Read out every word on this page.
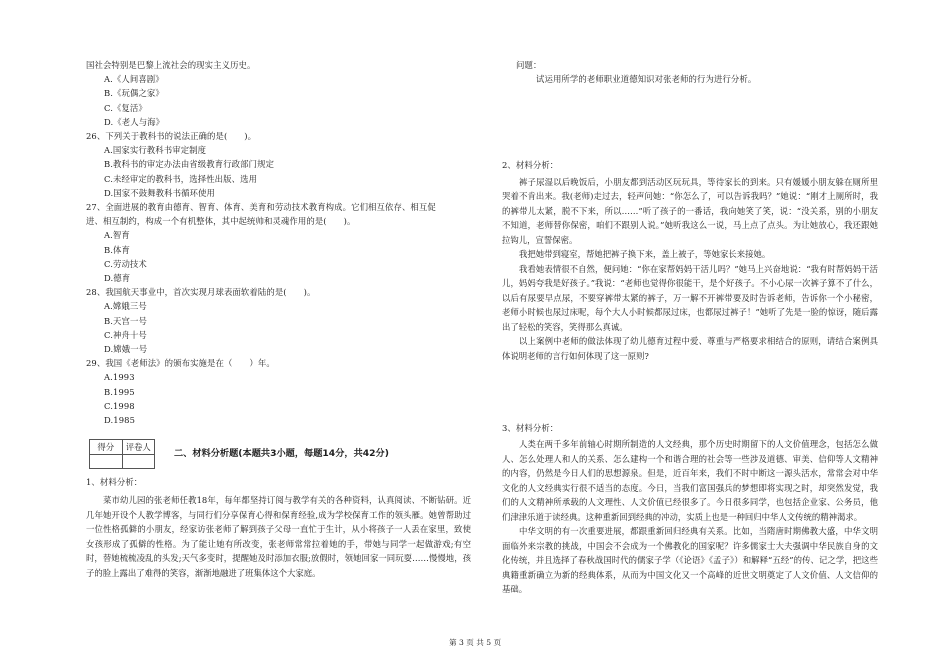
国社会特别是巴黎上流社会的现实主义历史。
A.《人间喜剧》
B.《玩偶之家》
C.《复活》
D.《老人与海》
26、下列关于教科书的说法正确的是(　　)。
A.国家实行教科书审定制度
B.教科书的审定办法由省级教育行政部门规定
C.未经审定的教科书，选择性出版、选用
D.国家不鼓舞教科书循环使用
27、全面进展的教育由德育、智育、体育、美育和劳动技术教育构成。它们相互依存、相互促
进、相互制约，构成一个有机整体，其中起统帅和灵魂作用的是(　　)。
A.智育
B.体育
C.劳动技术
D.德育
28、我国航天事业中，首次实现月球表面软着陆的是(　　)。
A.嫦娥三号
B.天宫一号
C.神舟十号
D.嫦娥一号
29、我国《老师法》的颁布实施是在（　　）年。
A.1993
B.1995
C.1998
D.1985
得分	评卷人
二、材料分析题(本题共3小题，每题14分，共42分)
1、材料分析：
菜市幼儿园的张老师任教18年，每年都坚持订阅与教学有关的各种资料，认真阅读、不断钻研。近几年她开设个人教学博客，与同行们分享保育心得和保育经验,成为学校保育工作的领头雁。她曾帮助过一位性格孤僻的小朋友，经家访张老师了解到孩子父母一直忙于生计，从小将孩子一人丢在家里，致使女孩形成了孤僻的性格。为了能让她有所改变，张老师常常拉着她的手，带她与同学一起做游戏;有空时，替她梳梳凌乱的头发;天气多变时，提醒她及时添加衣服;放假时，领她回家一同玩耍……慢慢地，孩子的脸上露出了难得的笑容，渐渐地融进了班集体这个大家庭。
问题：
试运用所学的老师职业道德知识对张老师的行为进行分析。
2、材料分析：
裤子尿湿以后晚饭后，小朋友都到活动区玩玩具，等待家长的到来。只有媛媛小朋友躲在厕所里哭着不肯出来。我(老师)走过去，轻声问她：“你怎么了，可以告诉我吗？”她说：“刚才上厕所时，我的裤带儿太紧，脱不下来，所以……”听了孩子的一番话，我向她笑了笑，说：“没关系，别的小朋友不知道，老师替你保密，咱们不跟别人说。”她听我这么一说，马上点了点头。为让她放心，我还跟她拉钩儿，宣誓保密。
我把她带到寝室，帮她把裤子换下来，盖上被子，等她家长来接她。
我看她表情很不自然，便问她：“你在家帮妈妈干活儿吗？”她马上兴奋地说：“我有时帮妈妈干活儿，妈妈夸我是好孩子。”我说：“老师也觉得你很能干，是个好孩子。不小心尿一次裤子算不了什么，以后有尿要早点尿，不要穿裤带太紧的裤子，万一解不开裤带要及时告诉老师，告诉你一个小秘密，老师小时候也尿过床呢，每个大人小时候都尿过床，也都尿过裤子！”她听了先是一脸的惊讶，随后露出了轻松的笑容，笑得那么真诚。
以上案例中老师的做法体现了幼儿德育过程中爱、尊重与严格要求相结合的原则，请结合案例具体说明老师的言行如何体现了这一原则?
3、材料分析：
人类在两千多年前轴心时期所制造的人文经典，那个历史时期留下的人文价值理念，包括怎么做人、怎么处理人和人的关系、怎么建构一个和谐合理的社会等一些涉及道德、审美、信仰等人文精神的内容，仍然是今日人们的思想源泉。但是，近百年来，我们不时中断这一源头活水，常常会对中华文化的人文经典实行很不适当的态度。今日，当我们富国强兵的梦想即将实现之时，却突然发觉，我们的人文精神所承载的人文理性、人文价值已经很多了。今日很多同学，也包括企业家、公务员，他们津津乐道于读经典。这种重新回到经典的冲动，实质上也是一种回归中华人文传统的精神渴求。
中华文明的有一次重要进展，都跟重新回归经典有关系。比如，当隋唐时期佛教大盛，中华文明面临外来宗教的挑战，中国会不会成为一个佛教化的国家呢？许多儒家士大夫强调中华民族自身的文化传统，并且选择了春秋战国时代的儒家子学（《论语》《孟子》）和解释“五经”的传、记之学，把这些典籍重新确立为新的经典体系，从而为中国文化又一个高峰的近世文明奠定了人文价值、人文信仰的基础。
第 3 页 共 5 页
